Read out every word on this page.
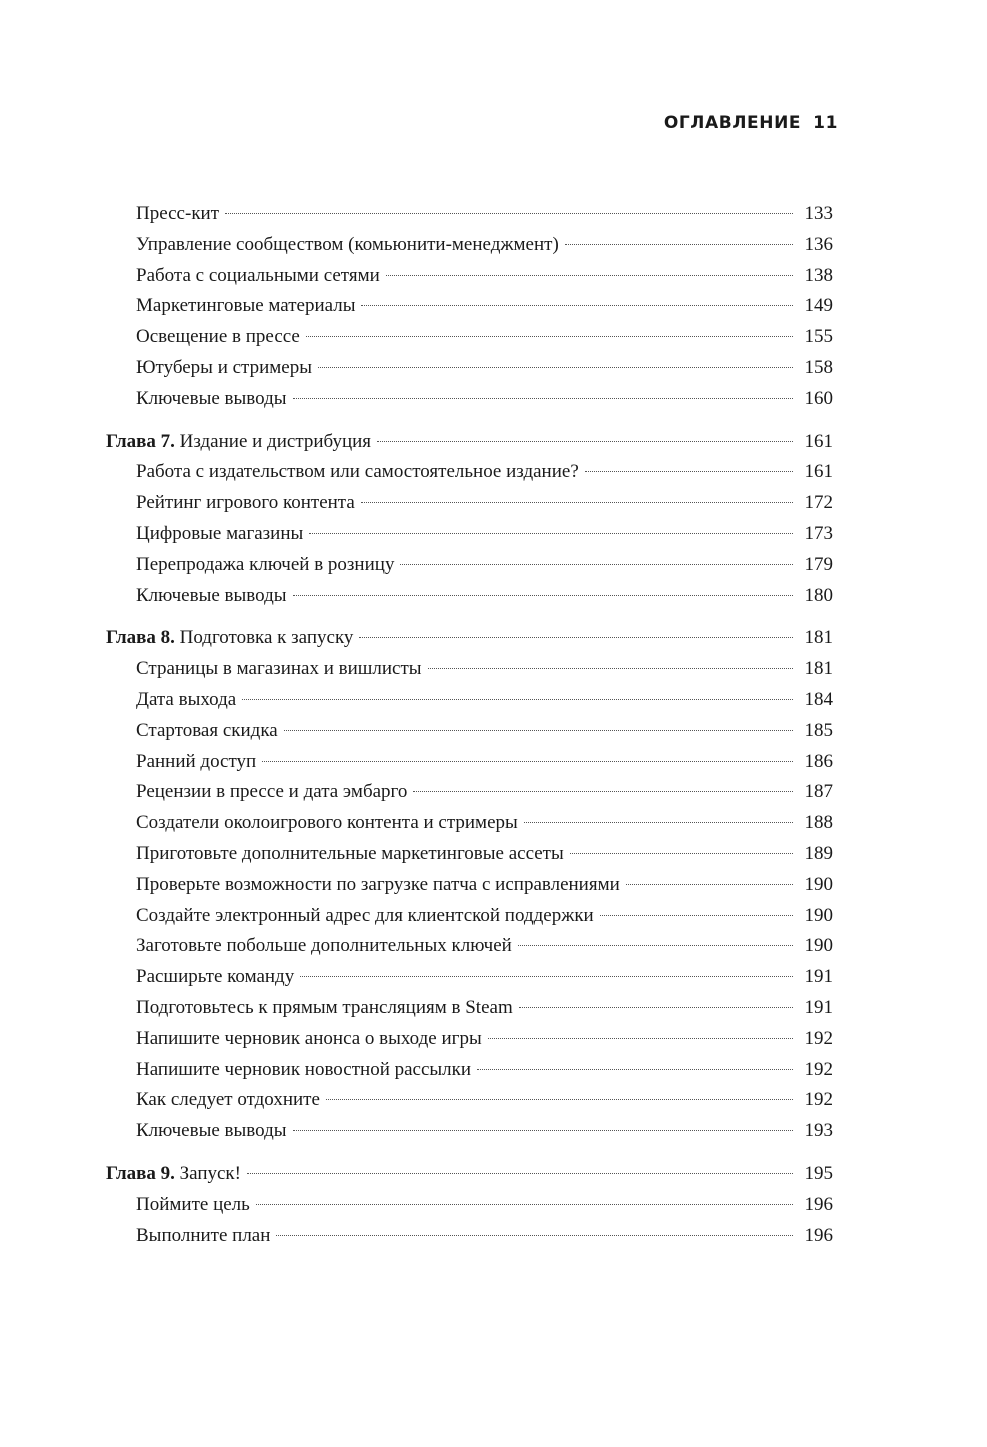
ОГЛАВЛЕНИЕ 11
Пресс-кит	133
Управление сообществом (комьюнити-менеджмент)	136
Работа с социальными сетями	138
Маркетинговые материалы	149
Освещение в прессе	155
Ютуберы и стримеры	158
Ключевые выводы	160
Глава 7. Издание и дистрибуция	161
Работа с издательством или самостоятельное издание?	161
Рейтинг игрового контента	172
Цифровые магазины	173
Перепродажа ключей в розницу	179
Ключевые выводы	180
Глава 8. Подготовка к запуску	181
Страницы в магазинах и вишлисты	181
Дата выхода	184
Стартовая скидка	185
Ранний доступ	186
Рецензии в прессе и дата эмбарго	187
Создатели околоигрового контента и стримеры	188
Приготовьте дополнительные маркетинговые ассеты	189
Проверьте возможности по загрузке патча с исправлениями	190
Создайте электронный адрес для клиентской поддержки	190
Заготовьте побольше дополнительных ключей	190
Расширьте команду	191
Подготовьтесь к прямым трансляциям в Steam	191
Напишите черновик анонса о выходе игры	192
Напишите черновик новостной рассылки	192
Как следует отдохните	192
Ключевые выводы	193
Глава 9. Запуск!	195
Поймите цель	196
Выполните план	196
